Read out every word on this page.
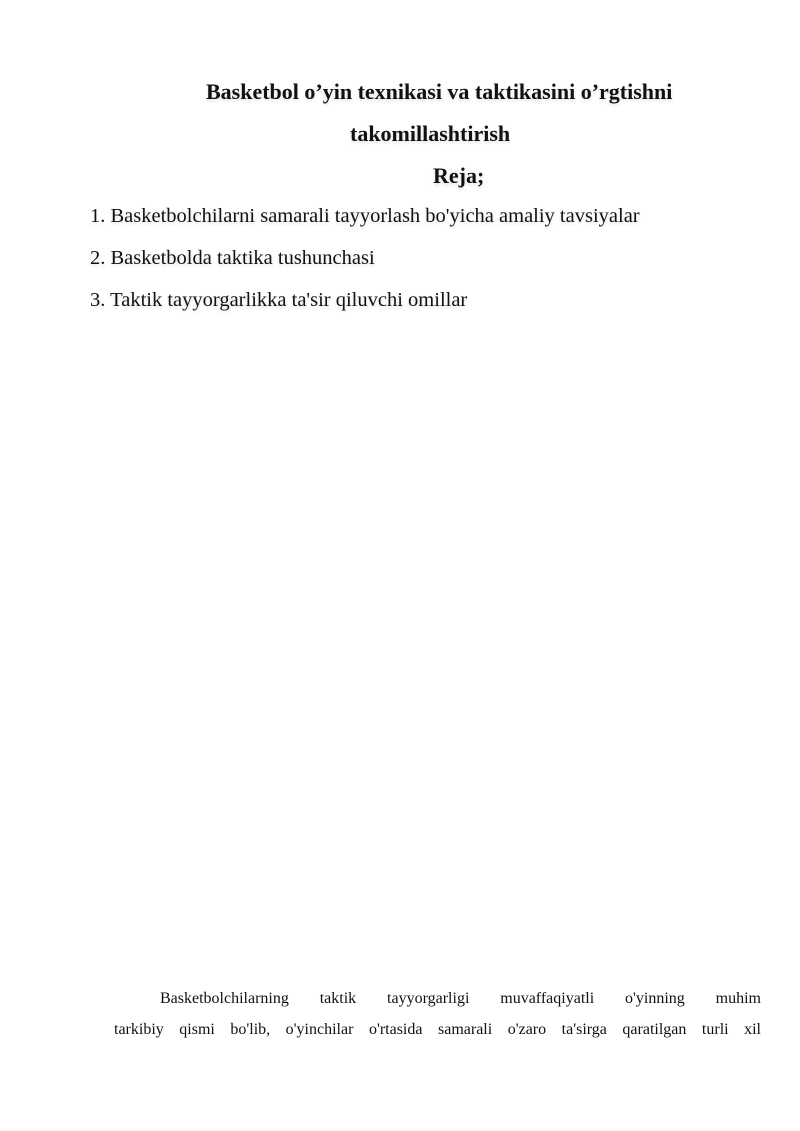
Basketbol o’yin texnikasi va taktikasini o’rgtishni
takomillashtirish
Reja;
1. Basketbolchilarni samarali tayyorlash bo'yicha amaliy tavsiyalar
2. Basketbolda taktika tushunchasi
3. Taktik tayyorgarlikka ta'sir qiluvchi omillar
Basketbolchilarning taktik tayyorgarligi muvaffaqiyatli o'yinning muhim
tarkibiy qismi bo'lib, o'yinchilar o'rtasida samarali o'zaro ta'sirga qaratilgan turli xil
